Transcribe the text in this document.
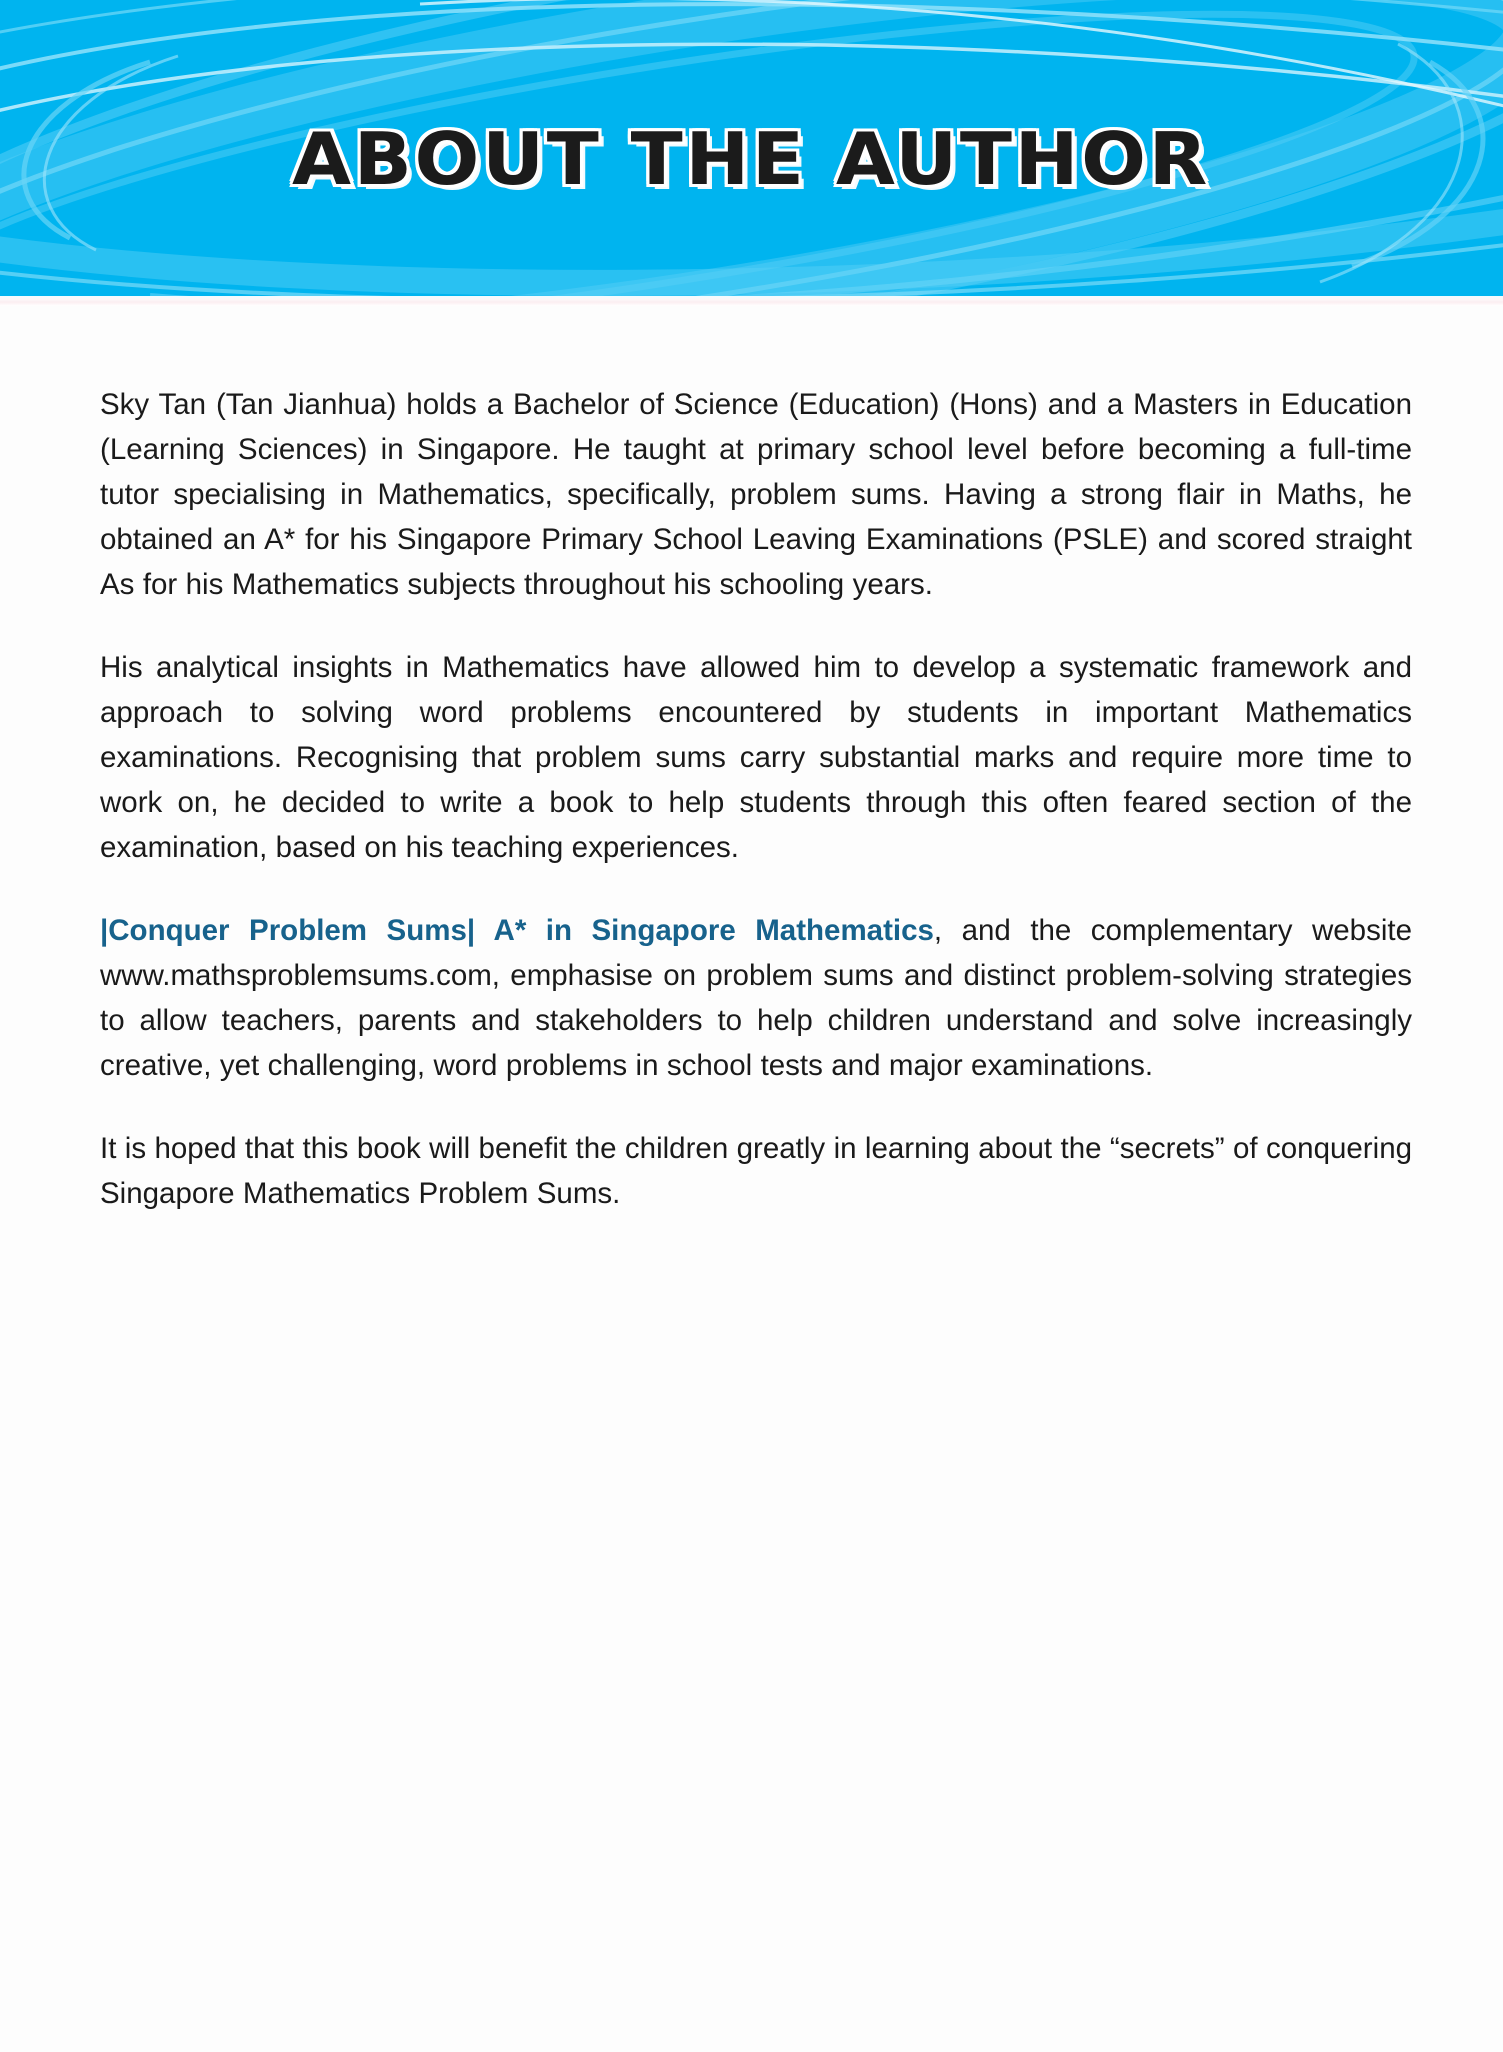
ABOUT THE AUTHOR

Sky Tan (Tan Jianhua) holds a Bachelor of Science (Education) (Hons) and a Masters in Education (Learning Sciences) in Singapore. He taught at primary school level before becoming a full-time tutor specialising in Mathematics, specifically, problem sums. Having a strong flair in Maths, he obtained an A* for his Singapore Primary School Leaving Examinations (PSLE) and scored straight As for his Mathematics subjects throughout his schooling years.

His analytical insights in Mathematics have allowed him to develop a systematic framework and approach to solving word problems encountered by students in important Mathematics examinations. Recognising that problem sums carry substantial marks and require more time to work on, he decided to write a book to help students through this often feared section of the examination, based on his teaching experiences.

|Conquer Problem Sums| A* in Singapore Mathematics, and the complementary website www.mathsproblemsums.com, emphasise on problem sums and distinct problem-solving strategies to allow teachers, parents and stakeholders to help children understand and solve increasingly creative, yet challenging, word problems in school tests and major examinations.

It is hoped that this book will benefit the children greatly in learning about the “secrets” of conquering Singapore Mathematics Problem Sums.
